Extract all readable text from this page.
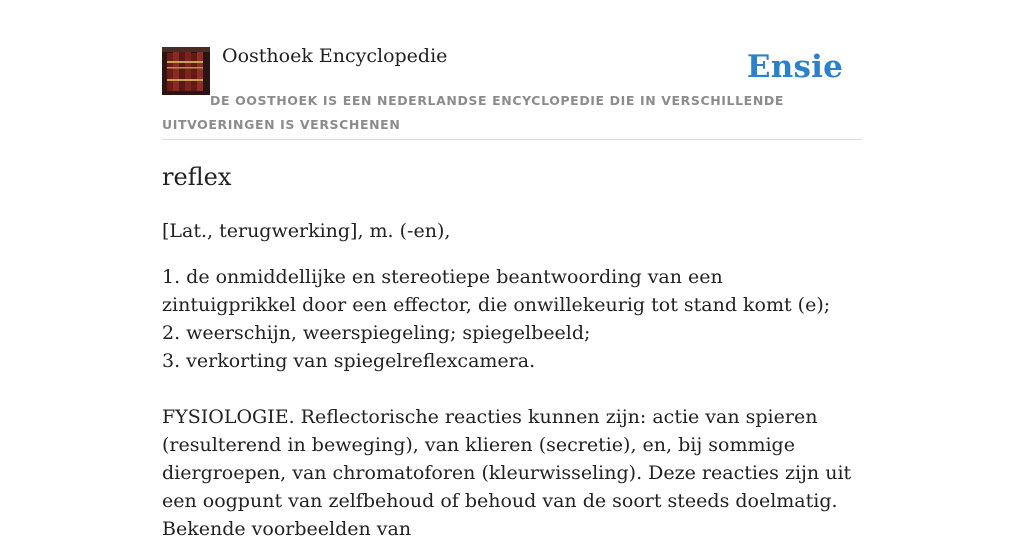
Oosthoek Encyclopedie	Ensie
DE OOSTHOEK IS EEN NEDERLANDSE ENCYCLOPEDIE DIE IN VERSCHILLENDE UITVOERINGEN IS VERSCHENEN
reflex

[Lat., terugwerking], m. (-en),

1. de onmiddellijke en stereotiepe beantwoording van een zintuigprikkel door een effector, die onwillekeurig tot stand komt (e);
2. weerschijn, weerspiegeling; spiegelbeeld;
3. verkorting van spiegelreflexcamera.

FYSIOLOGIE. Reflectorische reacties kunnen zijn: actie van spieren (resulterend in beweging), van klieren (secretie), en, bij sommige diergroepen, van chromatoforen (kleurwisseling). Deze reacties zijn uit een oogpunt van zelfbehoud of behoud van de soort steeds doelmatig. Bekende voorbeelden van
